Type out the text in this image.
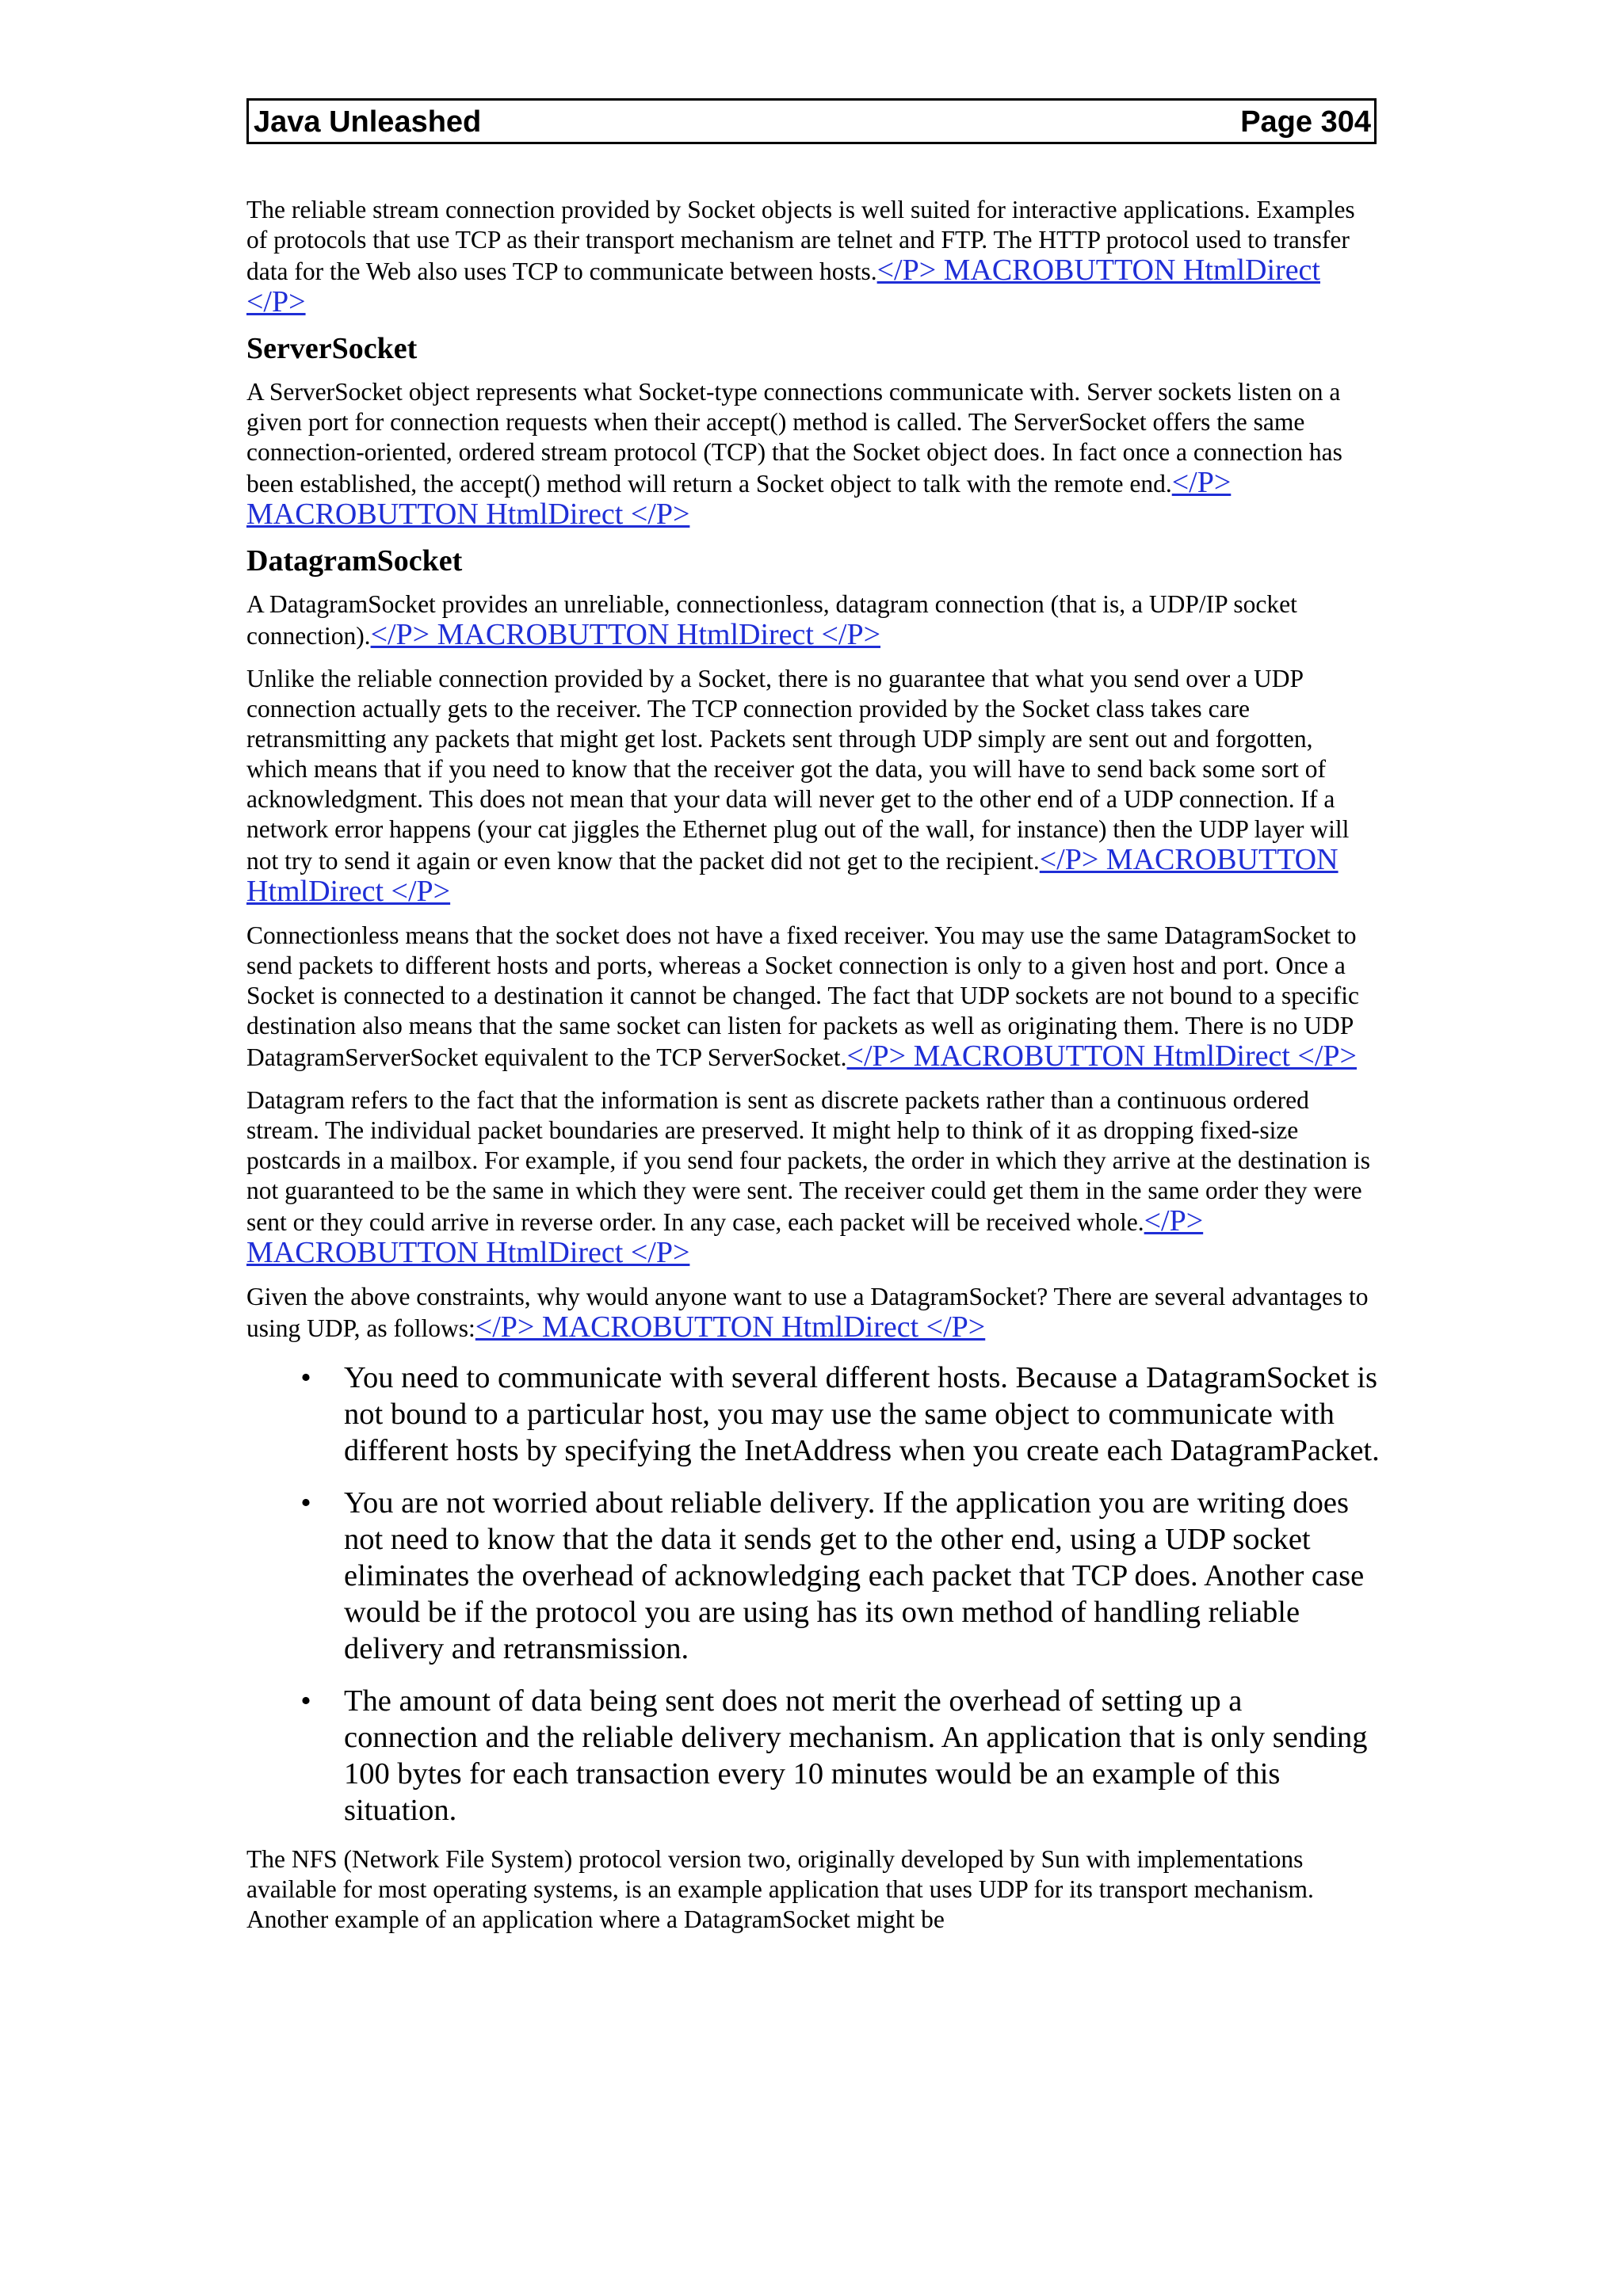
Java Unleashed	Page 304

The reliable stream connection provided by Socket objects is well suited for interactive applications. Examples of protocols that use TCP as their transport mechanism are telnet and FTP. The HTTP protocol used to transfer data for the Web also uses TCP to communicate between hosts.</P> MACROBUTTON HtmlDirect </P>

ServerSocket

A ServerSocket object represents what Socket-type connections communicate with. Server sockets listen on a given port for connection requests when their accept() method is called. The ServerSocket offers the same connection-oriented, ordered stream protocol (TCP) that the Socket object does. In fact once a connection has been established, the accept() method will return a Socket object to talk with the remote end.</P> MACROBUTTON HtmlDirect </P>

DatagramSocket

A DatagramSocket provides an unreliable, connectionless, datagram connection (that is, a UDP/IP socket connection).</P> MACROBUTTON HtmlDirect </P>

Unlike the reliable connection provided by a Socket, there is no guarantee that what you send over a UDP connection actually gets to the receiver. The TCP connection provided by the Socket class takes care retransmitting any packets that might get lost. Packets sent through UDP simply are sent out and forgotten, which means that if you need to know that the receiver got the data, you will have to send back some sort of acknowledgment. This does not mean that your data will never get to the other end of a UDP connection. If a network error happens (your cat jiggles the Ethernet plug out of the wall, for instance) then the UDP layer will not try to send it again or even know that the packet did not get to the recipient.</P> MACROBUTTON HtmlDirect </P>

Connectionless means that the socket does not have a fixed receiver. You may use the same DatagramSocket to send packets to different hosts and ports, whereas a Socket connection is only to a given host and port. Once a Socket is connected to a destination it cannot be changed. The fact that UDP sockets are not bound to a specific destination also means that the same socket can listen for packets as well as originating them. There is no UDP DatagramServerSocket equivalent to the TCP ServerSocket.</P> MACROBUTTON HtmlDirect </P>

Datagram refers to the fact that the information is sent as discrete packets rather than a continuous ordered stream. The individual packet boundaries are preserved. It might help to think of it as dropping fixed-size postcards in a mailbox. For example, if you send four packets, the order in which they arrive at the destination is not guaranteed to be the same in which they were sent. The receiver could get them in the same order they were sent or they could arrive in reverse order. In any case, each packet will be received whole.</P> MACROBUTTON HtmlDirect </P>

Given the above constraints, why would anyone want to use a DatagramSocket? There are several advantages to using UDP, as follows:</P> MACROBUTTON HtmlDirect </P>

• You need to communicate with several different hosts. Because a DatagramSocket is not bound to a particular host, you may use the same object to communicate with different hosts by specifying the InetAddress when you create each DatagramPacket.
• You are not worried about reliable delivery. If the application you are writing does not need to know that the data it sends get to the other end, using a UDP socket eliminates the overhead of acknowledging each packet that TCP does. Another case would be if the protocol you are using has its own method of handling reliable delivery and retransmission.
• The amount of data being sent does not merit the overhead of setting up a connection and the reliable delivery mechanism. An application that is only sending 100 bytes for each transaction every 10 minutes would be an example of this situation.

The NFS (Network File System) protocol version two, originally developed by Sun with implementations available for most operating systems, is an example application that uses UDP for its transport mechanism. Another example of an application where a DatagramSocket might be
